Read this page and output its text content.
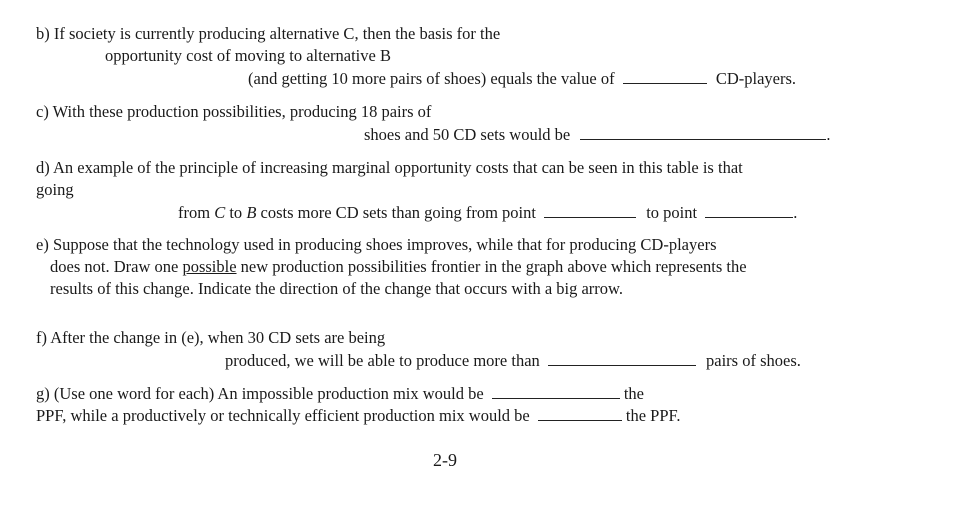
b) If society is currently producing alternative C, then the basis for the
opportunity cost of moving to alternative B
(and getting 10 more pairs of shoes) equals the value of	CD-players.
c) With these production possibilities, producing 18 pairs of
shoes and 50 CD sets would be	.
d) An example of the principle of increasing marginal opportunity costs that can be seen in this table is that
going
from C to B costs more CD sets than going from point	to point	.
e) Suppose that the technology used in producing shoes improves, while that for producing CD-players
does not. Draw one possible new production possibilities frontier in the graph above which represents the
results of this change. Indicate the direction of the change that occurs with a big arrow.
f) After the change in (e), when 30 CD sets are being
produced, we will be able to produce more than	pairs of shoes.
g) (Use one word for each) An impossible production mix would be	the
PPF, while a productively or technically efficient production mix would be	the PPF.
2-9
